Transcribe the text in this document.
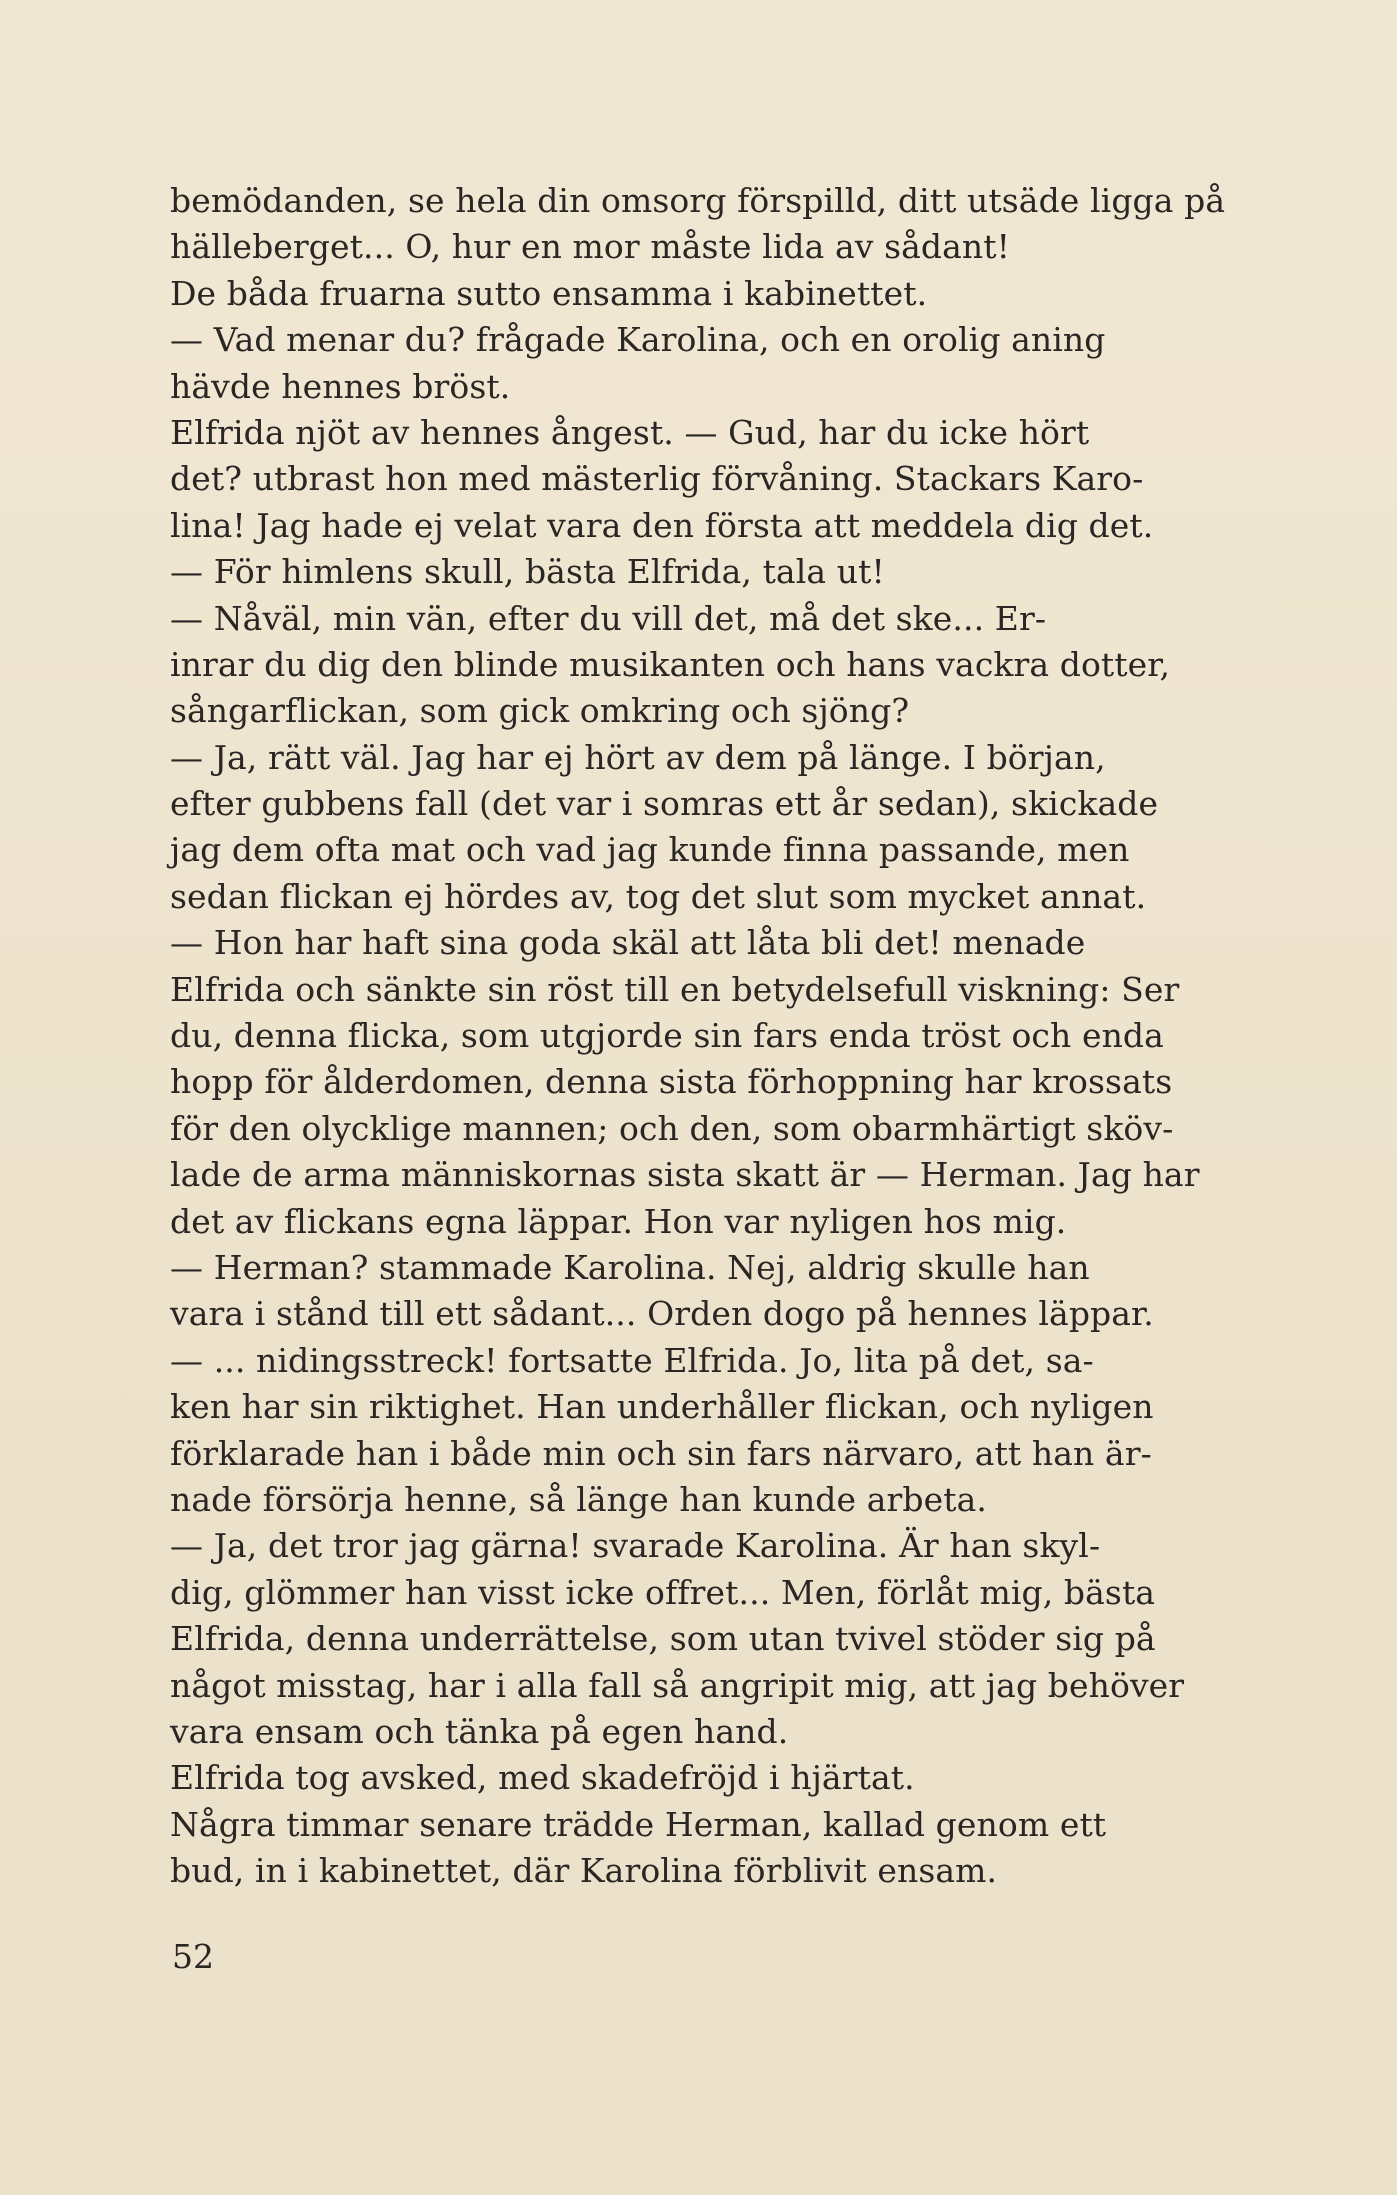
bemödanden, se hela din omsorg förspilld, ditt utsäde ligga på
hälleberget... O, hur en mor måste lida av sådant!
De båda fruarna sutto ensamma i kabinettet.
— Vad menar du? frågade Karolina, och en orolig aning
hävde hennes bröst.
Elfrida njöt av hennes ångest. — Gud, har du icke hört
det? utbrast hon med mästerlig förvåning. Stackars Karo-
lina! Jag hade ej velat vara den första att meddela dig det.
— För himlens skull, bästa Elfrida, tala ut!
— Nåväl, min vän, efter du vill det, må det ske... Er-
inrar du dig den blinde musikanten och hans vackra dotter,
sångarflickan, som gick omkring och sjöng?
— Ja, rätt väl. Jag har ej hört av dem på länge. I början,
efter gubbens fall (det var i somras ett år sedan), skickade
jag dem ofta mat och vad jag kunde finna passande, men
sedan flickan ej hördes av, tog det slut som mycket annat.
— Hon har haft sina goda skäl att låta bli det! menade
Elfrida och sänkte sin röst till en betydelsefull viskning: Ser
du, denna flicka, som utgjorde sin fars enda tröst och enda
hopp för ålderdomen, denna sista förhoppning har krossats
för den olycklige mannen; och den, som obarmhärtigt sköv-
lade de arma människornas sista skatt är — Herman. Jag har
det av flickans egna läppar. Hon var nyligen hos mig.
— Herman? stammade Karolina. Nej, aldrig skulle han
vara i stånd till ett sådant... Orden dogo på hennes läppar.
— ... nidingsstreck! fortsatte Elfrida. Jo, lita på det, sa-
ken har sin riktighet. Han underhåller flickan, och nyligen
förklarade han i både min och sin fars närvaro, att han är-
nade försörja henne, så länge han kunde arbeta.
— Ja, det tror jag gärna! svarade Karolina. Är han skyl-
dig, glömmer han visst icke offret... Men, förlåt mig, bästa
Elfrida, denna underrättelse, som utan tvivel stöder sig på
något misstag, har i alla fall så angripit mig, att jag behöver
vara ensam och tänka på egen hand.
Elfrida tog avsked, med skadefröjd i hjärtat.
Några timmar senare trädde Herman, kallad genom ett
bud, in i kabinettet, där Karolina förblivit ensam.
52
